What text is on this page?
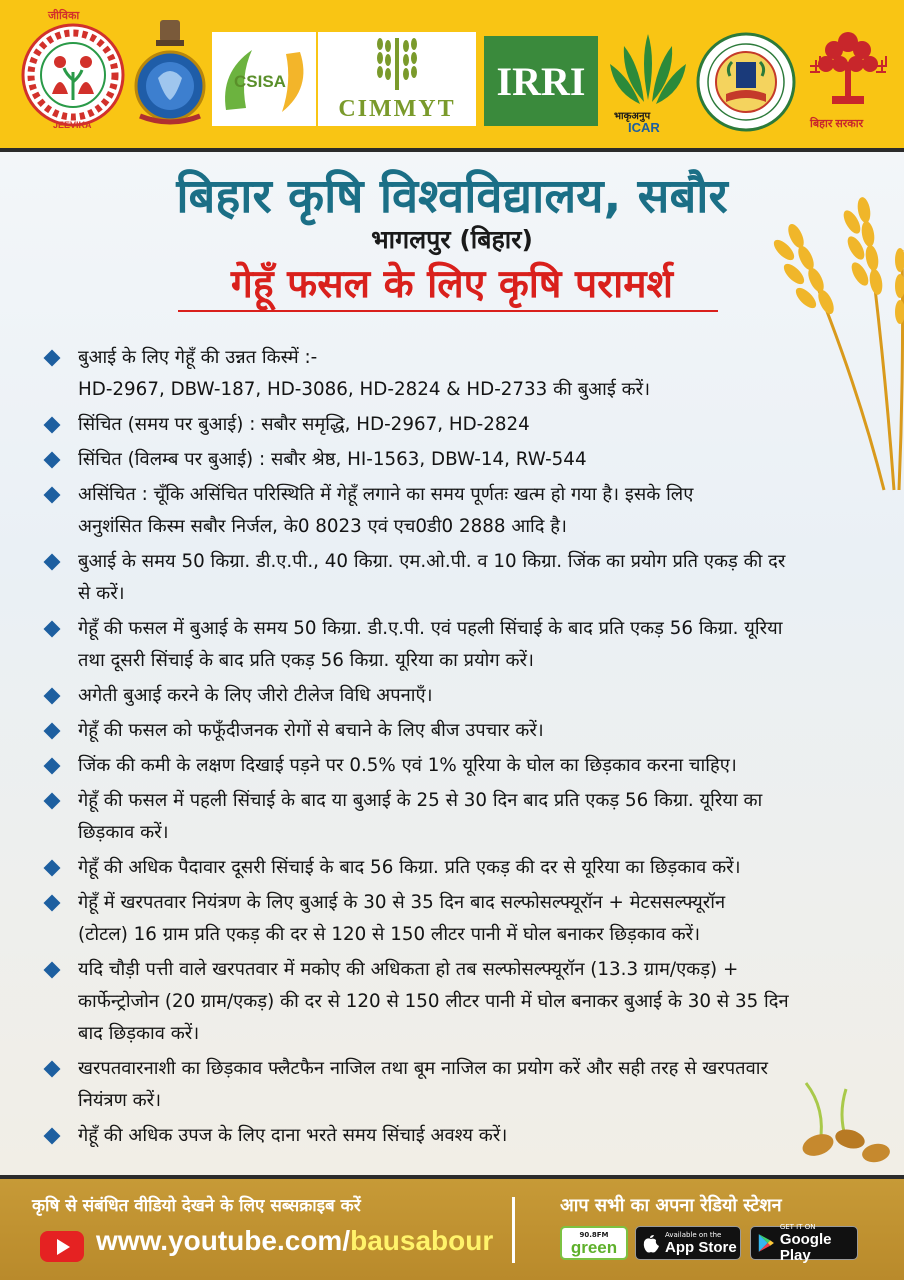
जीविका
JEEVIKA
CSISA
CIMMYT
IRRI
भाकृअनुप
ICAR	बिहार सरकार
बिहार कृषि विश्वविद्यालय, सबौर
भागलपुर (बिहार)
गेहूँ फसल के लिए कृषि परामर्श
बुआई के लिए गेहूँ की उन्नत किस्में :-
HD-2967, DBW-187, HD-3086, HD-2824 & HD-2733 की बुआई करें।
सिंचित (समय पर बुआई) : सबौर समृद्धि, HD-2967, HD-2824
सिंचित (विलम्ब पर बुआई) : सबौर श्रेष्ठ, HI-1563, DBW-14, RW-544
असिंचित : चूँकि असिंचित परिस्थिति में गेहूँ लगाने का समय पूर्णतः खत्म हो गया है। इसके लिए
अनुशंसित किस्म सबौर निर्जल, के0 8023 एवं एच0डी0 2888 आदि है।
बुआई के समय 50 किग्रा. डी.ए.पी., 40 किग्रा. एम.ओ.पी. व 10 किग्रा. जिंक का प्रयोग प्रति एकड़ की दर
से करें।
गेहूँ की फसल में बुआई के समय 50 किग्रा. डी.ए.पी. एवं पहली सिंचाई के बाद प्रति एकड़ 56 किग्रा. यूरिया
तथा दूसरी सिंचाई के बाद प्रति एकड़ 56 किग्रा. यूरिया का प्रयोग करें।
अगेती बुआई करने के लिए जीरो टीलेज विधि अपनाएँ।
गेहूँ की फसल को फफूँदीजनक रोगों से बचाने के लिए बीज उपचार करें।
जिंक की कमी के लक्षण दिखाई पड़ने पर 0.5% एवं 1% यूरिया के घोल का छिड़काव करना चाहिए।
गेहूँ की फसल में पहली सिंचाई के बाद या बुआई के 25 से 30 दिन बाद प्रति एकड़ 56 किग्रा. यूरिया का
छिड़काव करें।
गेहूँ की अधिक पैदावार दूसरी सिंचाई के बाद 56 किग्रा. प्रति एकड़ की दर से यूरिया का छिड़काव करें।
गेहूँ में खरपतवार नियंत्रण के लिए बुआई के 30 से 35 दिन बाद सल्फोसल्फ्यूरॉन + मेटससल्फ्यूरॉन
(टोटल) 16 ग्राम प्रति एकड़ की दर से 120 से 150 लीटर पानी में घोल बनाकर छिड़काव करें।
यदि चौड़ी पत्ती वाले खरपतवार में मकोए की अधिकता हो तब सल्फोसल्फ्यूरॉन (13.3 ग्राम/एकड़) +
कार्फेन्ट्रोजोन (20 ग्राम/एकड़) की दर से 120 से 150 लीटर पानी में घोल बनाकर बुआई के 30 से 35 दिन
बाद छिड़काव करें।
खरपतवारनाशी का छिड़काव फ्लैटफैन नाजिल तथा बूम नाजिल का प्रयोग करें और सही तरह से खरपतवार
नियंत्रण करें।
गेहूँ की अधिक उपज के लिए दाना भरते समय सिंचाई अवश्य करें।
कृषि से संबंधित वीडियो देखने के लिए सब्सक्राइब करें
www.youtube.com/bausabour
आप सभी का अपना रेडियो स्टेशन
90.8FM
green
Available on the
App Store
GET IT ON
Google Play
